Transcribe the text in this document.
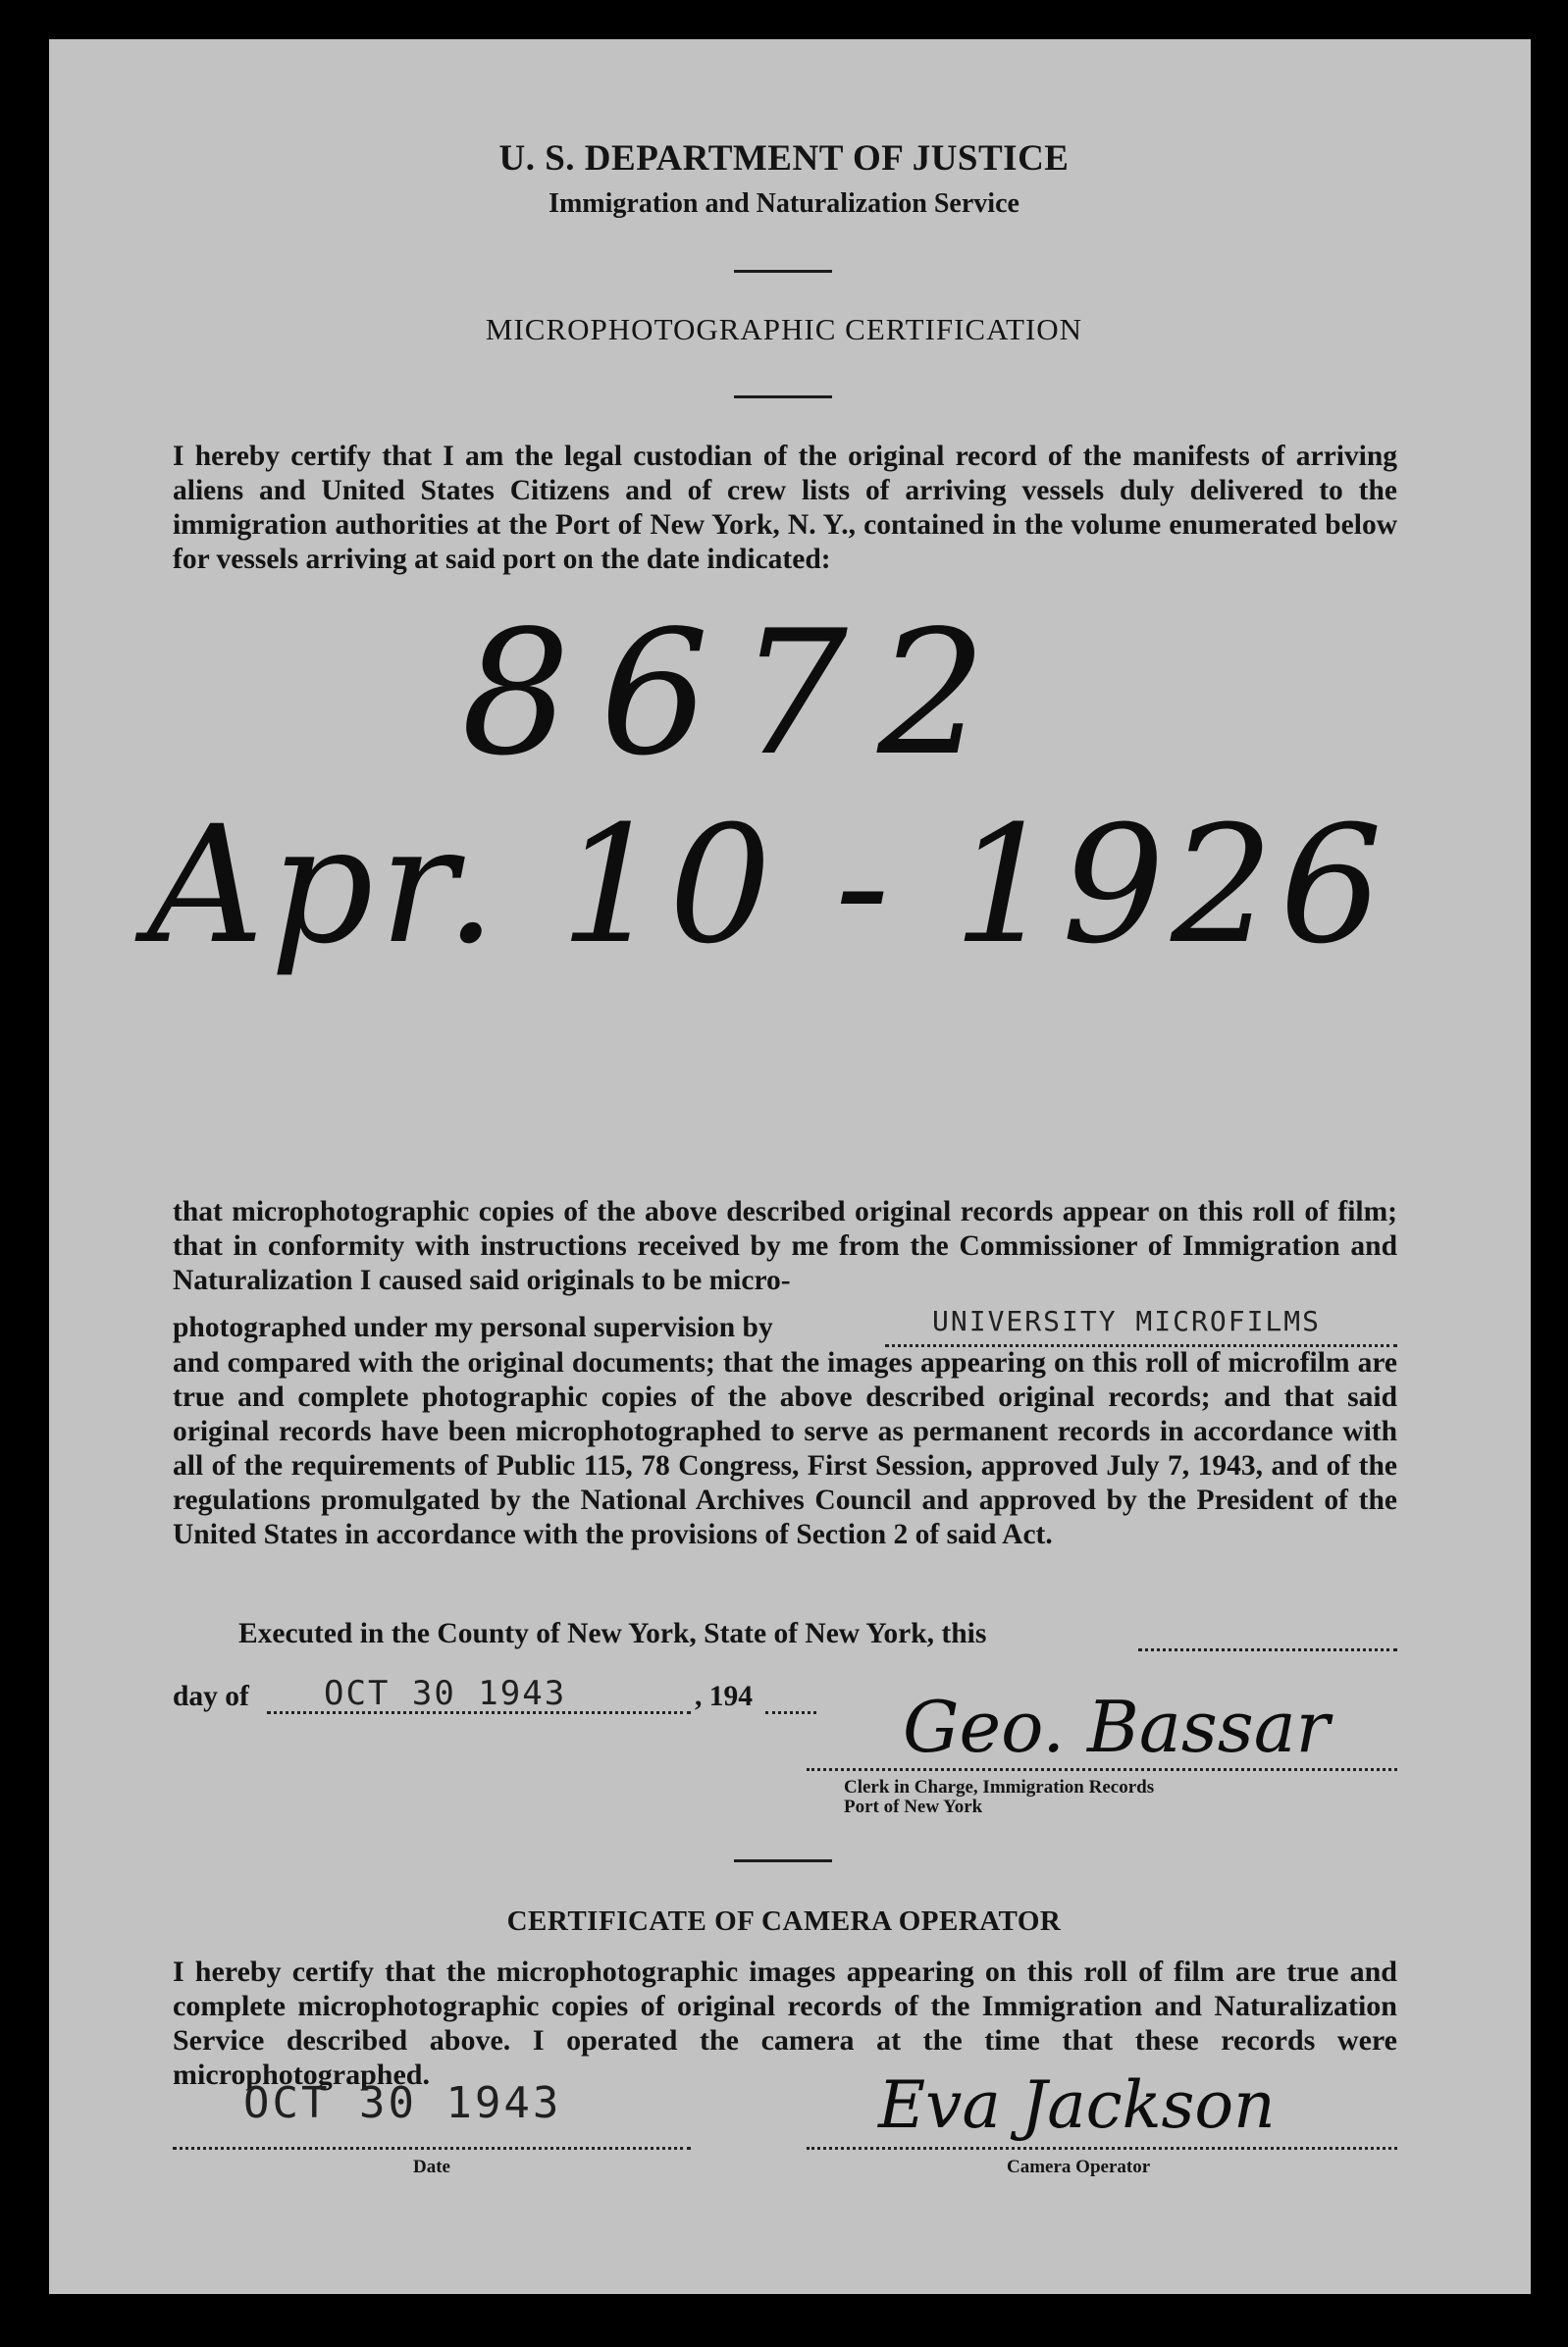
U. S. DEPARTMENT OF JUSTICE
Immigration and Naturalization Service
MICROPHOTOGRAPHIC CERTIFICATION
I hereby certify that I am the legal custodian of the original record of the manifests of arriving aliens and United States Citizens and of crew lists of arriving vessels duly delivered to the immigration authorities at the Port of New York, N. Y., contained in the volume enumerated below for vessels arriving at said port on the date indicated:
8672
Apr. 10 - 1926
that microphotographic copies of the above described original records appear on this roll of film; that in conformity with instructions received by me from the Commissioner of Immigration and Naturalization I caused said originals to be micro-
photographed under my personal supervision by	UNIVERSITY MICROFILMS
and compared with the original documents; that the images appearing on this roll of microfilm are true and complete photographic copies of the above described original records; and that said original records have been microphotographed to serve as permanent records in accordance with all of the requirements of Public 115, 78 Congress, First Session, approved July 7, 1943, and of the regulations promulgated by the National Archives Council and approved by the President of the United States in accordance with the provisions of Section 2 of said Act.
Executed in the County of New York, State of New York, this
day of OCT 30 1943	, 194 Geo. Bassar
Clerk in Charge, Immigration Records
Port of New York
CERTIFICATE OF CAMERA OPERATOR
I hereby certify that the microphotographic images appearing on this roll of film are true and complete microphotographic copies of original records of the Immigration and Naturalization Service described above. I operated the camera at the time that these records were microphotographed.
OCT 30 1943
Date
Eva Jackson
Camera Operator
